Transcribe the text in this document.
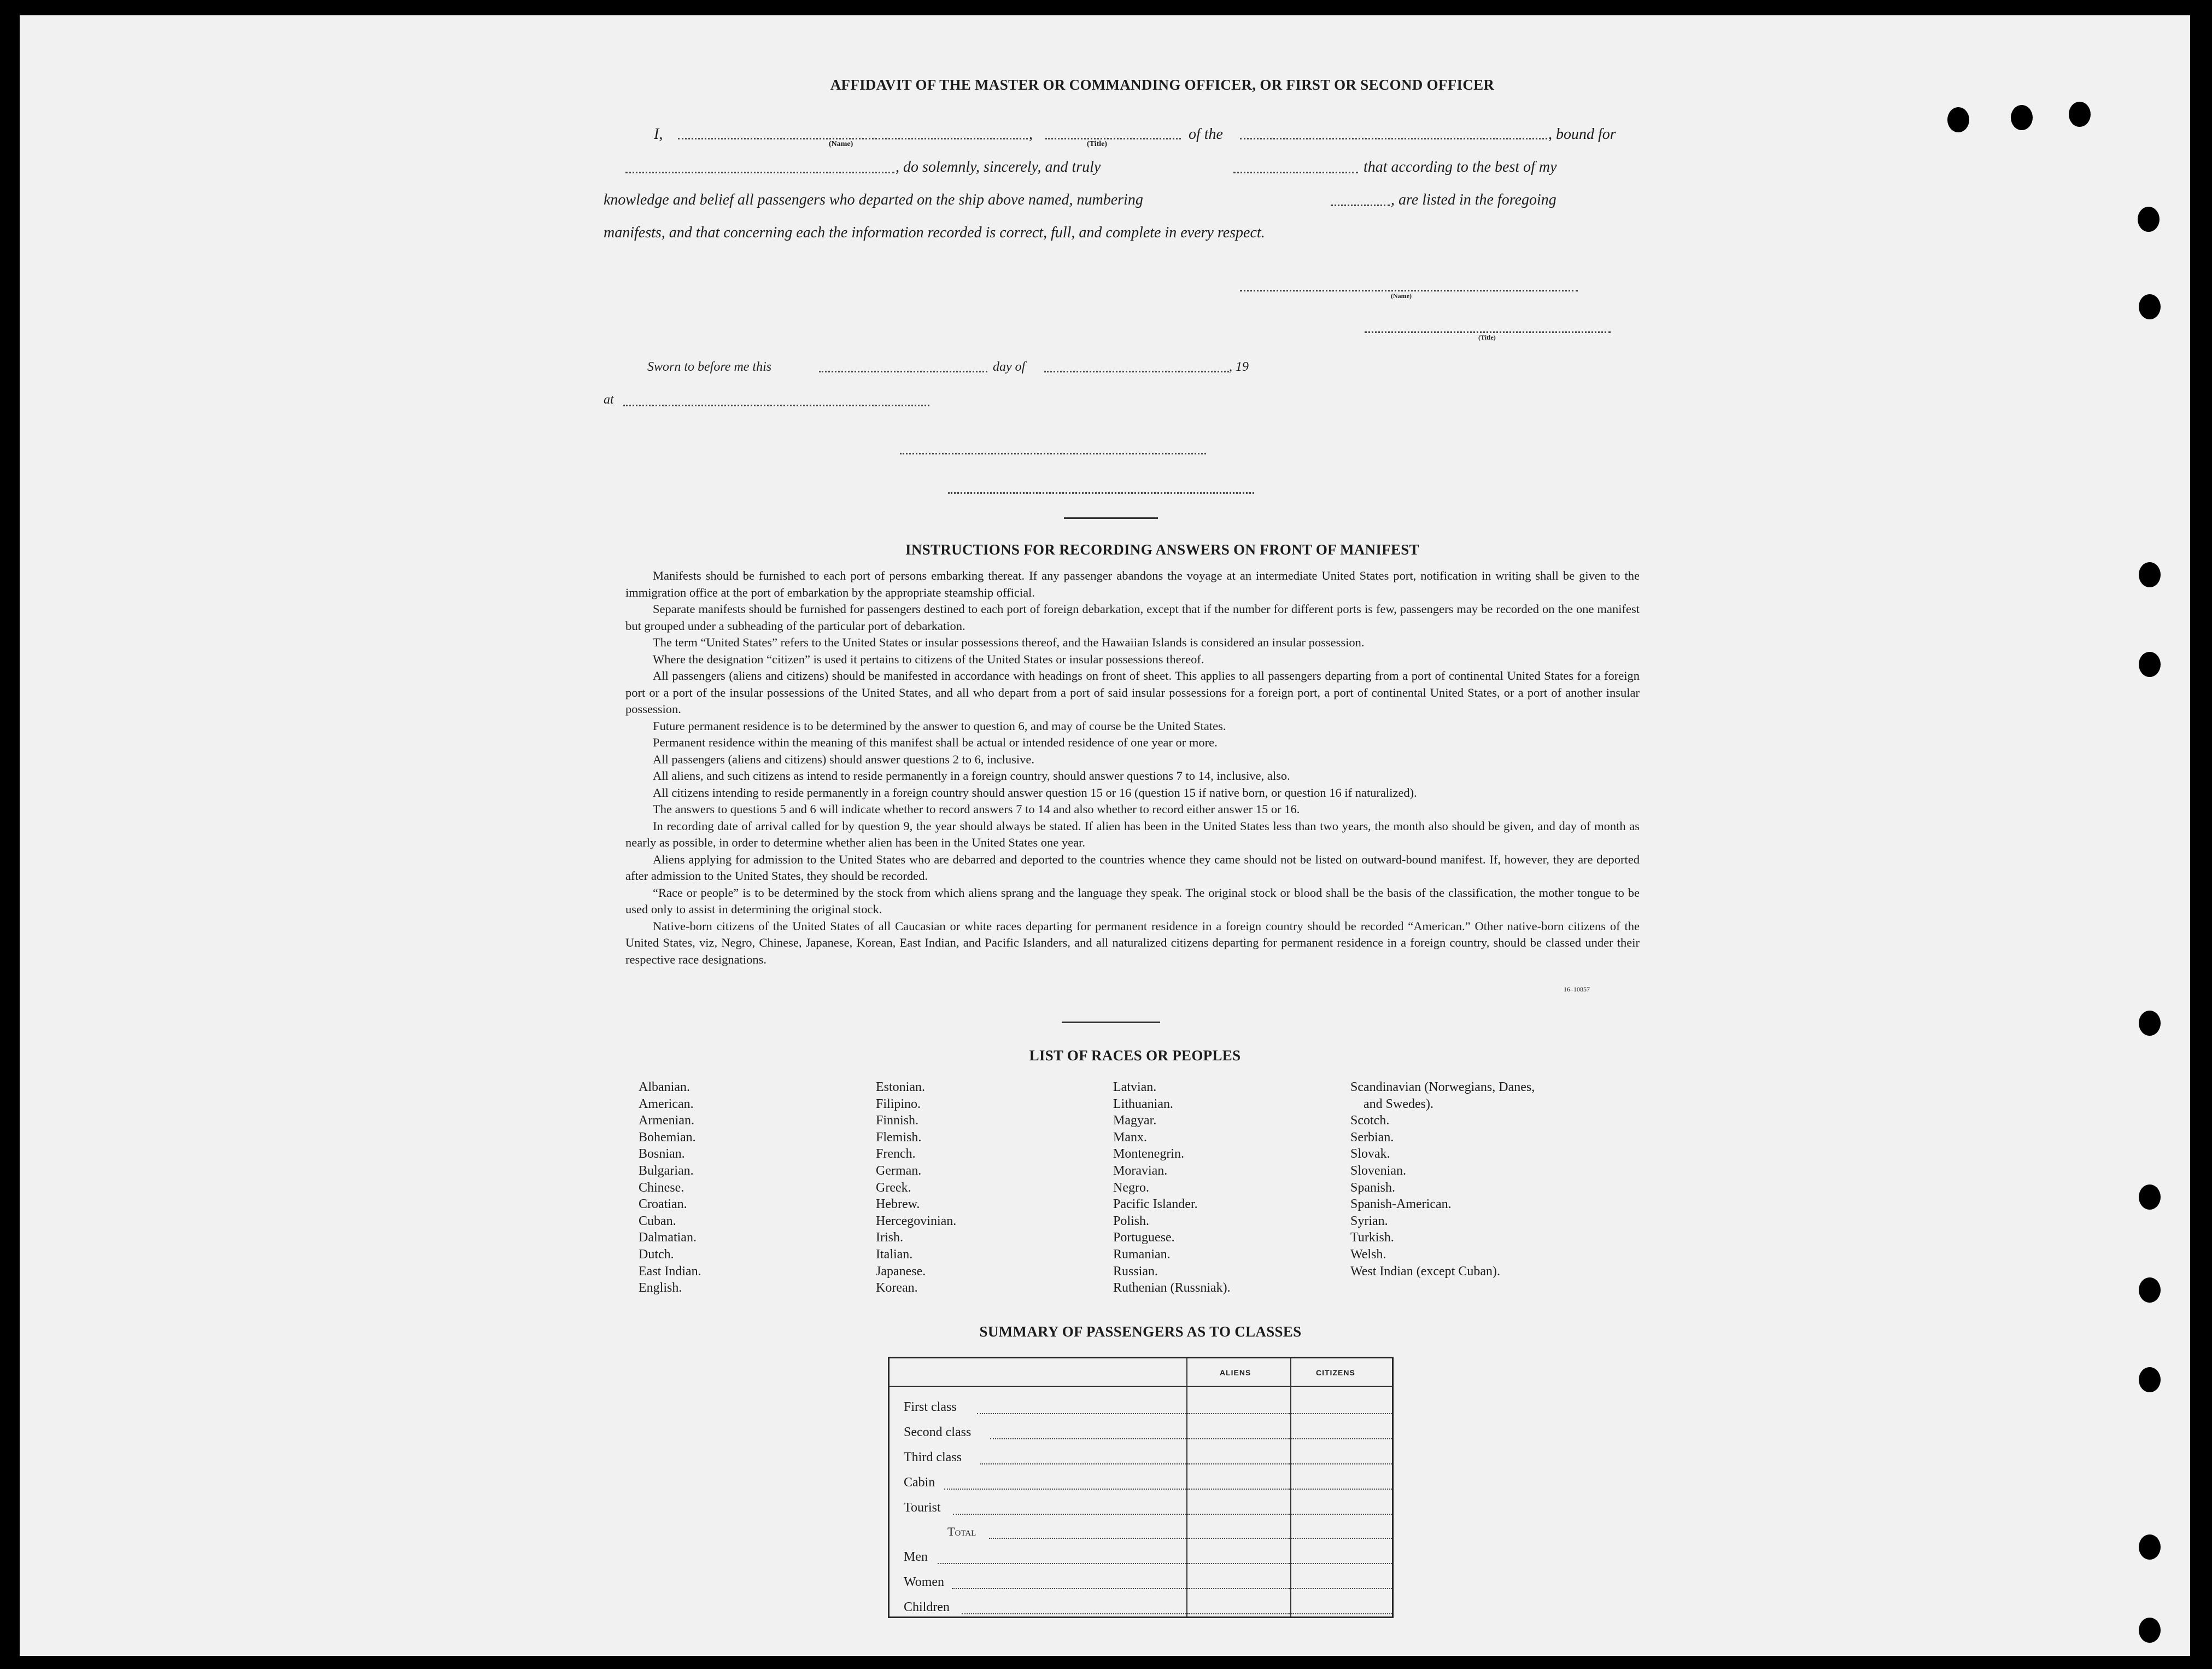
AFFIDAVIT OF THE MASTER OR COMMANDING OFFICER, OR FIRST OR SECOND OFFICER
I,
(Name)
,
(Title)
of the	, bound for
, do solemnly, sincerely, and truly	that according to the best of my
knowledge and belief all passengers who departed on the ship above named, numbering	, are listed in the foregoing
manifests, and that concerning each the information recorded is correct, full, and complete in every respect.
(Name)
(Title)
Sworn to before me this	day of	, 19
at
INSTRUCTIONS FOR RECORDING ANSWERS ON FRONT OF MANIFEST

Manifests should be furnished to each port of persons embarking thereat. If any passenger abandons the voyage at an intermediate United States port, notification in writing shall be given to the immigration office at the port of embarkation by the appropriate steamship official.

Separate manifests should be furnished for passengers destined to each port of foreign debarkation, except that if the number for different ports is few, passengers may be recorded on the one manifest but grouped under a subheading of the particular port of debarkation.

The term “United States” refers to the United States or insular possessions thereof, and the Hawaiian Islands is considered an insular possession.

Where the designation “citizen” is used it pertains to citizens of the United States or insular possessions thereof.

All passengers (aliens and citizens) should be manifested in accordance with headings on front of sheet. This applies to all passengers departing from a port of continental United States for a foreign port or a port of the insular possessions of the United States, and all who depart from a port of said insular possessions for a foreign port, a port of continental United States, or a port of another insular possession.

Future permanent residence is to be determined by the answer to question 6, and may of course be the United States.

Permanent residence within the meaning of this manifest shall be actual or intended residence of one year or more.

All passengers (aliens and citizens) should answer questions 2 to 6, inclusive.

All aliens, and such citizens as intend to reside permanently in a foreign country, should answer questions 7 to 14, inclusive, also.

All citizens intending to reside permanently in a foreign country should answer question 15 or 16 (question 15 if native born, or question 16 if naturalized).

The answers to questions 5 and 6 will indicate whether to record answers 7 to 14 and also whether to record either answer 15 or 16.

In recording date of arrival called for by question 9, the year should always be stated. If alien has been in the United States less than two years, the month also should be given, and day of month as nearly as possible, in order to determine whether alien has been in the United States one year.

Aliens applying for admission to the United States who are debarred and deported to the countries whence they came should not be listed on outward-bound manifest. If, however, they are deported after admission to the United States, they should be recorded.

“Race or people” is to be determined by the stock from which aliens sprang and the language they speak. The original stock or blood shall be the basis of the classification, the mother tongue to be used only to assist in determining the original stock.

Native-born citizens of the United States of all Caucasian or white races departing for permanent residence in a foreign country should be recorded “American.” Other native-born citizens of the United States, viz, Negro, Chinese, Japanese, Korean, East Indian, and Pacific Islanders, and all naturalized citizens departing for permanent residence in a foreign country, should be classed under their respective race designations.

16–10857
LIST OF RACES OR PEOPLES
Albanian.
American.
Armenian.
Bohemian.
Bosnian.
Bulgarian.
Chinese.
Croatian.
Cuban.
Dalmatian.
Dutch.
East Indian.
English.
Estonian.
Filipino.
Finnish.
Flemish.
French.
German.
Greek.
Hebrew.
Hercegovinian.
Irish.
Italian.
Japanese.
Korean.
Latvian.
Lithuanian.
Magyar.
Manx.
Montenegrin.
Moravian.
Negro.
Pacific Islander.
Polish.
Portuguese.
Rumanian.
Russian.
Ruthenian (Russniak).
Scandinavian (Norwegians, Danes,
and Swedes).
Scotch.
Serbian.
Slovak.
Slovenian.
Spanish.
Spanish-American.
Syrian.
Turkish.
Welsh.
West Indian (except Cuban).
SUMMARY OF PASSENGERS AS TO CLASSES
ALIENS	CITIZENS
First class
Second class
Third class
Cabin
Tourist
Total
Men
Women
Children
